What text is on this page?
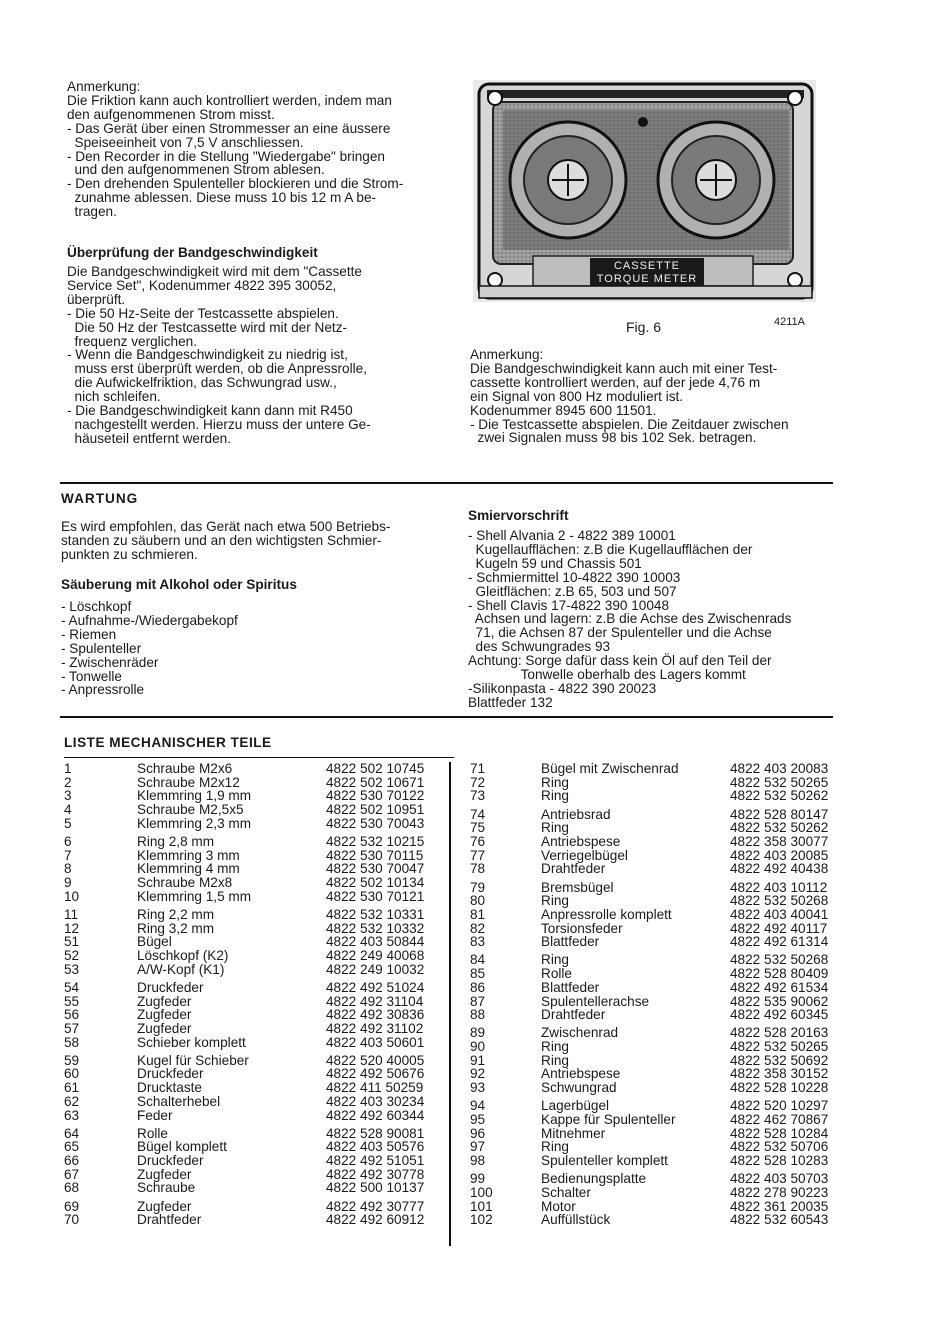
Anmerkung:
Die Friktion kann auch kontrolliert werden, indem man
den aufgenommenen Strom misst.
- Das Gerät über einen Strommesser an eine äussere
Speiseeinheit von 7,5 V anschliessen.
- Den Recorder in die Stellung "Wiedergabe" bringen
und den aufgenommenen Strom ablesen.
- Den drehenden Spulenteller blockieren und die Strom-
zunahme ablessen. Diese muss 10 bis 12 m A be-
tragen.
Überprüfung der Bandgeschwindigkeit
Die Bandgeschwindigkeit wird mit dem "Cassette
Service Set", Kodenummer 4822 395 30052,
überprüft.
- Die 50 Hz-Seite der Testcassette abspielen.
Die 50 Hz der Testcassette wird mit der Netz-
frequenz verglichen.
- Wenn die Bandgeschwindigkeit zu niedrig ist,
muss erst überprüft werden, ob die Anpressrolle,
die Aufwickelfriktion, das Schwungrad usw.,
nich schleifen.
- Die Bandgeschwindigkeit kann dann mit R450
nachgestellt werden. Hierzu muss der untere Ge-
häuseteil entfernt werden.
CASSETTE
TORQUE METER
Fig. 6	4211A
Anmerkung:
Die Bandgeschwindigkeit kann auch mit einer Test-
cassette kontrolliert werden, auf der jede 4,76 m
ein Signal von 800 Hz moduliert ist.
Kodenummer 8945 600 11501.
- Die Testcassette abspielen. Die Zeitdauer zwischen
zwei Signalen muss 98 bis 102 Sek. betragen.
WARTUNG
Es wird empfohlen, das Gerät nach etwa 500 Betriebs-
standen zu säubern und an den wichtigsten Schmier-
punkten zu schmieren.
Säuberung mit Alkohol oder Spiritus
- Löschkopf
- Aufnahme-/Wiedergabekopf
- Riemen
- Spulenteller
- Zwischenräder
- Tonwelle
- Anpressrolle
Smiervorschrift
- Shell Alvania 2 - 4822 389 10001
Kugellaufflächen: z.B die Kugellaufflächen der
Kugeln 59 und Chassis 501
- Schmiermittel 10-4822 390 10003
Gleitflächen: z.B 65, 503 und 507
- Shell Clavis 17-4822 390 10048
Achsen und lagern: z.B die Achse des Zwischenrads
71, die Achsen 87 der Spulenteller und die Achse
des Schwungrades 93
Achtung: Sorge dafür dass kein Öl auf den Teil der
Tonwelle oberhalb des Lagers kommt
-Silikonpasta - 4822 390 20023
Blattfeder 132
LISTE MECHANISCHER TEILE
1	Schraube M2x6	4822 502 10745
2	Schraube M2x12	4822 502 10671
3	Klemmring 1,9 mm	4822 530 70122
4	Schraube M2,5x5	4822 502 10951
5	Klemmring 2,3 mm	4822 530 70043
6	Ring 2,8 mm	4822 532 10215
7	Klemmring 3 mm	4822 530 70115
8	Klemmring 4 mm	4822 530 70047
9	Schraube M2x8	4822 502 10134
10	Klemmring 1,5 mm	4822 530 70121
11	Ring 2,2 mm	4822 532 10331
12	Ring 3,2 mm	4822 532 10332
51	Bügel	4822 403 50844
52	Löschkopf (K2)	4822 249 40068
53	A/W-Kopf (K1)	4822 249 10032
54	Druckfeder	4822 492 51024
55	Zugfeder	4822 492 31104
56	Zugfeder	4822 492 30836
57	Zugfeder	4822 492 31102
58	Schieber komplett	4822 403 50601
59	Kugel für Schieber	4822 520 40005
60	Druckfeder	4822 492 50676
61	Drucktaste	4822 411 50259
62	Schalterhebel	4822 403 30234
63	Feder	4822 492 60344
64	Rolle	4822 528 90081
65	Bügel komplett	4822 403 50576
66	Druckfeder	4822 492 51051
67	Zugfeder	4822 492 30778
68	Schraube	4822 500 10137
69	Zugfeder	4822 492 30777
70	Drahtfeder	4822 492 60912
71	Bügel mit Zwischenrad	4822 403 20083
72	Ring	4822 532 50265
73	Ring	4822 532 50262
74	Antriebsrad	4822 528 80147
75	Ring	4822 532 50262
76	Antriebspese	4822 358 30077
77	Verriegelbügel	4822 403 20085
78	Drahtfeder	4822 492 40438
79	Bremsbügel	4822 403 10112
80	Ring	4822 532 50268
81	Anpressrolle komplett	4822 403 40041
82	Torsionsfeder	4822 492 40117
83	Blattfeder	4822 492 61314
84	Ring	4822 532 50268
85	Rolle	4822 528 80409
86	Blattfeder	4822 492 61534
87	Spulentellerachse	4822 535 90062
88	Drahtfeder	4822 492 60345
89	Zwischenrad	4822 528 20163
90	Ring	4822 532 50265
91	Ring	4822 532 50692
92	Antriebspese	4822 358 30152
93	Schwungrad	4822 528 10228
94	Lagerbügel	4822 520 10297
95	Kappe für Spulenteller	4822 462 70867
96	Mitnehmer	4822 528 10284
97	Ring	4822 532 50706
98	Spulenteller komplett	4822 528 10283
99	Bedienungsplatte	4822 403 50703
100	Schalter	4822 278 90223
101	Motor	4822 361 20035
102	Auffüllstück	4822 532 60543
